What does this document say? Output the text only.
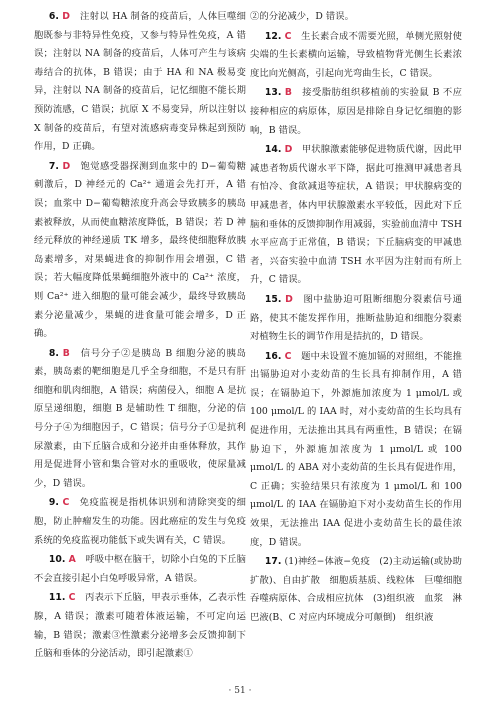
6. D　 注射以 HA 制备的疫苗后，人体巨噬细胞既参与非特异性免疫，又参与特异性免疫，A 错误；注射以 NA 制备的疫苗后，人体可产生与该病毒结合的抗体，B 错误；由于 HA 和 NA 极易变异，注射以 NA 制备的疫苗后，记忆细胞不能长期预防流感，C 错误；抗原 X 不易变异，所以注射以 X 制备的疫苗后，有望对流感病毒变异株起到预防作用，D 正确。

7. D　 饱觉感受器探测到血浆中的 D−葡萄糖刺激后，D 神经元的 Ca²⁺ 通道会先打开，A 错误；血浆中 D−葡萄糖浓度升高会导致胰多的胰岛素被释放，从而使血糖浓度降低，B 错误；若 D 神经元释放的神经递质 TK 增多，最终使细胞释放胰岛素增多，对果蝇进食的抑制作用会增强，C 错误；若大幅度降低果蝇细胞外液中的 Ca²⁺ 浓度，则 Ca²⁺ 进入细胞的量可能会减少，最终导致胰岛素分泌量减少，果蝇的进食量可能会增多，D 正确。

8. B　 信号分子②是胰岛 B 细胞分泌的胰岛素，胰岛素的靶细胞是几乎全身细胞，不是只有肝细胞和肌肉细胞，A 错误；病菌侵入，细胞 A 是抗原呈递细胞，细胞 B 是辅助性 T 细胞，分泌的信号分子④为细胞因子，C 错误；信号分子①是抗利尿激素，由下丘脑合成和分泌并由垂体释放，其作用是促进肾小管和集合管对水的重吸收，使尿量减少，D 错误。

9. C　 免疫监视是指机体识别和清除突变的细胞，防止肿瘤发生的功能。因此癌症的发生与免疫系统的免疫监视功能低下或失调有关，C 错误。

10. A　 呼吸中枢在脑干，切除小白兔的下丘脑不会直接引起小白兔呼吸异常，A 错误。

11. C　 丙表示下丘脑，甲表示垂体，乙表示性腺，A 错误；激素可随着体液运输，不可定向运输，B 错误；激素③性激素分泌增多会反馈抑制下丘脑和垂体的分泌活动，即引起激素①

②的分泌减少，D 错误。

12. C　 生长素合成不需要光照，单侧光照射使尖端的生长素横向运输，导致植物背光侧生长素浓度比向光侧高，引起向光弯曲生长，C 错误。

13. B　 接受脂肪组织移植前的实验鼠 B 不应接种相应的病原体，原因是排除自身记忆细胞的影响，B 错误。

14. D　 甲状腺激素能够促进物质代谢，因此甲减患者物质代谢水平下降，据此可推测甲减患者具有怕冷、食欲减退等症状，A 错误；甲状腺病变的甲减患者，体内甲状腺激素水平较低，因此对下丘脑和垂体的反馈抑制作用减弱，实验前血清中 TSH 水平应高于正常值，B 错误；下丘脑病变的甲减患者，兴奋实验中血清 TSH 水平因为注射而有所上升，C 错误。

15. D　 图中盐胁迫可阻断细胞分裂素信号通路，使其不能发挥作用，推断盐胁迫和细胞分裂素对植物生长的调节作用是拮抗的，D 错误。

16. C　 题中未设置不施加镉的对照组，不能推出镉胁迫对小麦幼苗的生长具有抑制作用，A 错误；在镉胁迫下，外源施加浓度为 1 μmol/L 或 100 μmol/L 的 IAA 时，对小麦幼苗的生长均具有促进作用，无法推出其具有两重性，B 错误；在镉胁迫下，外源施加浓度为 1 μmol/L 或 100 μmol/L 的 ABA 对小麦幼苗的生长具有促进作用，C 正确；实验结果只有浓度为 1 μmol/L 和 100 μmol/L 的 IAA 在镉胁迫下对小麦幼苗生长的作用效果，无法推出 IAA 促进小麦幼苗生长的最佳浓度，D 错误。

17. (1)神经−体液−免疫　(2)主动运输(或协助扩散)、自由扩散　细胞质基质、线粒体　巨噬细胞吞噬病原体、合成相应抗体　(3)组织液　血浆　淋巴液(B、C 对应内环境成分可颠倒)　组织液

· 51 ·
